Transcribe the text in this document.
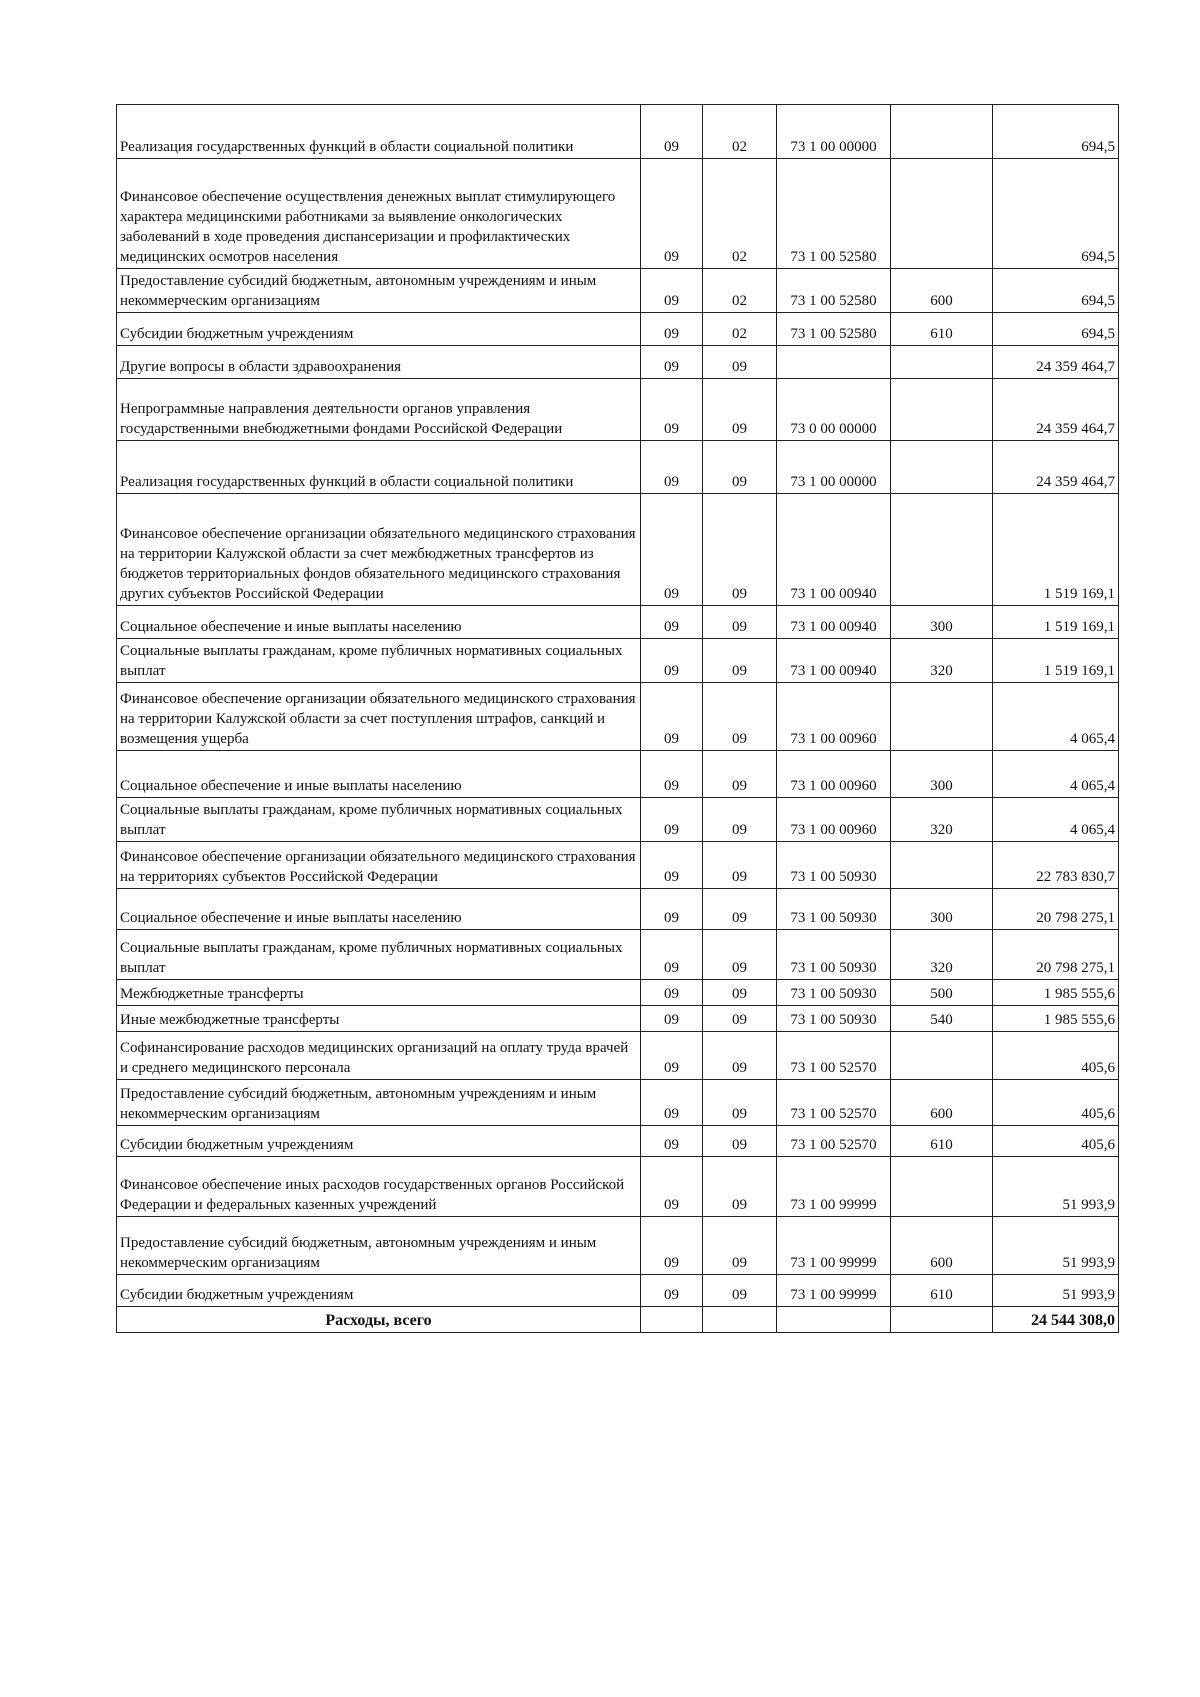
Реализация государственных функций в области социальной политики	09	02	73 1 00 00000		694,5
Финансовое обеспечение осуществления денежных выплат стимулирующего характера медицинскими работниками за выявление онкологических заболеваний в ходе проведения диспансеризации и профилактических медицинских осмотров населения	09	02	73 1 00 52580		694,5
Предоставление субсидий бюджетным, автономным учреждениям и иным некоммерческим организациям	09	02	73 1 00 52580	600	694,5
Субсидии бюджетным учреждениям	09	02	73 1 00 52580	610	694,5
Другие вопросы в области здравоохранения	09	09			24 359 464,7
Непрограммные направления деятельности органов управления государственными внебюджетными фондами Российской Федерации	09	09	73 0 00 00000		24 359 464,7
Реализация государственных функций в области социальной политики	09	09	73 1 00 00000		24 359 464,7
Финансовое обеспечение организации обязательного медицинского страхования на территории Калужской области за счет межбюджетных трансфертов из бюджетов территориальных фондов обязательного медицинского страхования других субъектов Российской Федерации	09	09	73 1 00 00940		1 519 169,1
Социальное обеспечение и иные выплаты населению	09	09	73 1 00 00940	300	1 519 169,1
Социальные выплаты гражданам, кроме публичных нормативных социальных выплат	09	09	73 1 00 00940	320	1 519 169,1
Финансовое обеспечение организации обязательного медицинского страхования на территории Калужской области за счет поступления штрафов, санкций и возмещения ущерба	09	09	73 1 00 00960		4 065,4
Социальное обеспечение и иные выплаты населению	09	09	73 1 00 00960	300	4 065,4
Социальные выплаты гражданам, кроме публичных нормативных социальных выплат	09	09	73 1 00 00960	320	4 065,4
Финансовое обеспечение организации обязательного медицинского страхования на территориях субъектов Российской Федерации	09	09	73 1 00 50930		22 783 830,7
Социальное обеспечение и иные выплаты населению	09	09	73 1 00 50930	300	20 798 275,1
Социальные выплаты гражданам, кроме публичных нормативных социальных выплат	09	09	73 1 00 50930	320	20 798 275,1
Межбюджетные трансферты	09	09	73 1 00 50930	500	1 985 555,6
Иные межбюджетные трансферты	09	09	73 1 00 50930	540	1 985 555,6
Софинансирование расходов медицинских организаций на оплату труда врачей и среднего медицинского персонала	09	09	73 1 00 52570		405,6
Предоставление субсидий бюджетным, автономным учреждениям и иным некоммерческим организациям	09	09	73 1 00 52570	600	405,6
Субсидии бюджетным учреждениям	09	09	73 1 00 52570	610	405,6
Финансовое обеспечение иных расходов государственных органов Российской Федерации и федеральных казенных учреждений	09	09	73 1 00 99999		51 993,9
Предоставление субсидий бюджетным, автономным учреждениям и иным некоммерческим организациям	09	09	73 1 00 99999	600	51 993,9
Субсидии бюджетным учреждениям	09	09	73 1 00 99999	610	51 993,9
Расходы, всего					24 544 308,0
